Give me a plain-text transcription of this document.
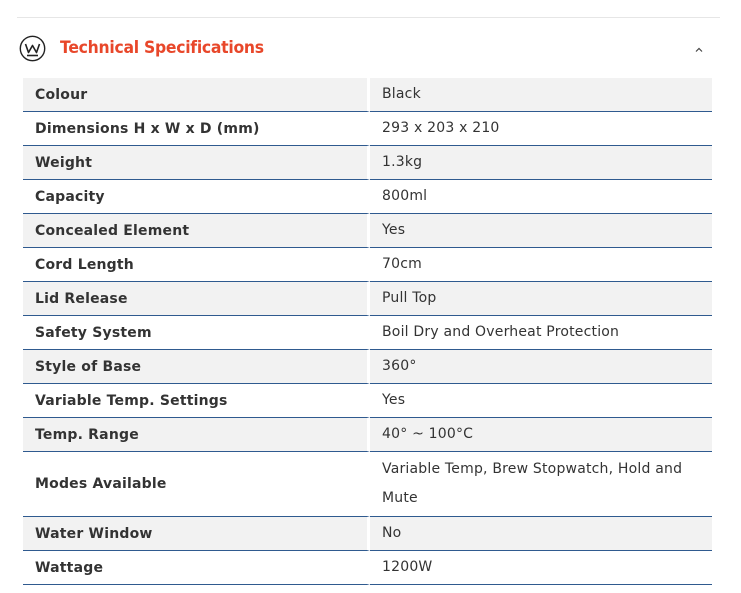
Technical Specifications
Colour	Black
Dimensions H x W x D (mm)	293 x 203 x 210
Weight	1.3kg
Capacity	800ml
Concealed Element	Yes
Cord Length	70cm
Lid Release	Pull Top
Safety System	Boil Dry and Overheat Protection
Style of Base	360°
Variable Temp. Settings	Yes
Temp. Range	40° ~ 100°C
Modes Available	Variable Temp, Brew Stopwatch, Hold and Mute
Water Window	No
Wattage	1200W
